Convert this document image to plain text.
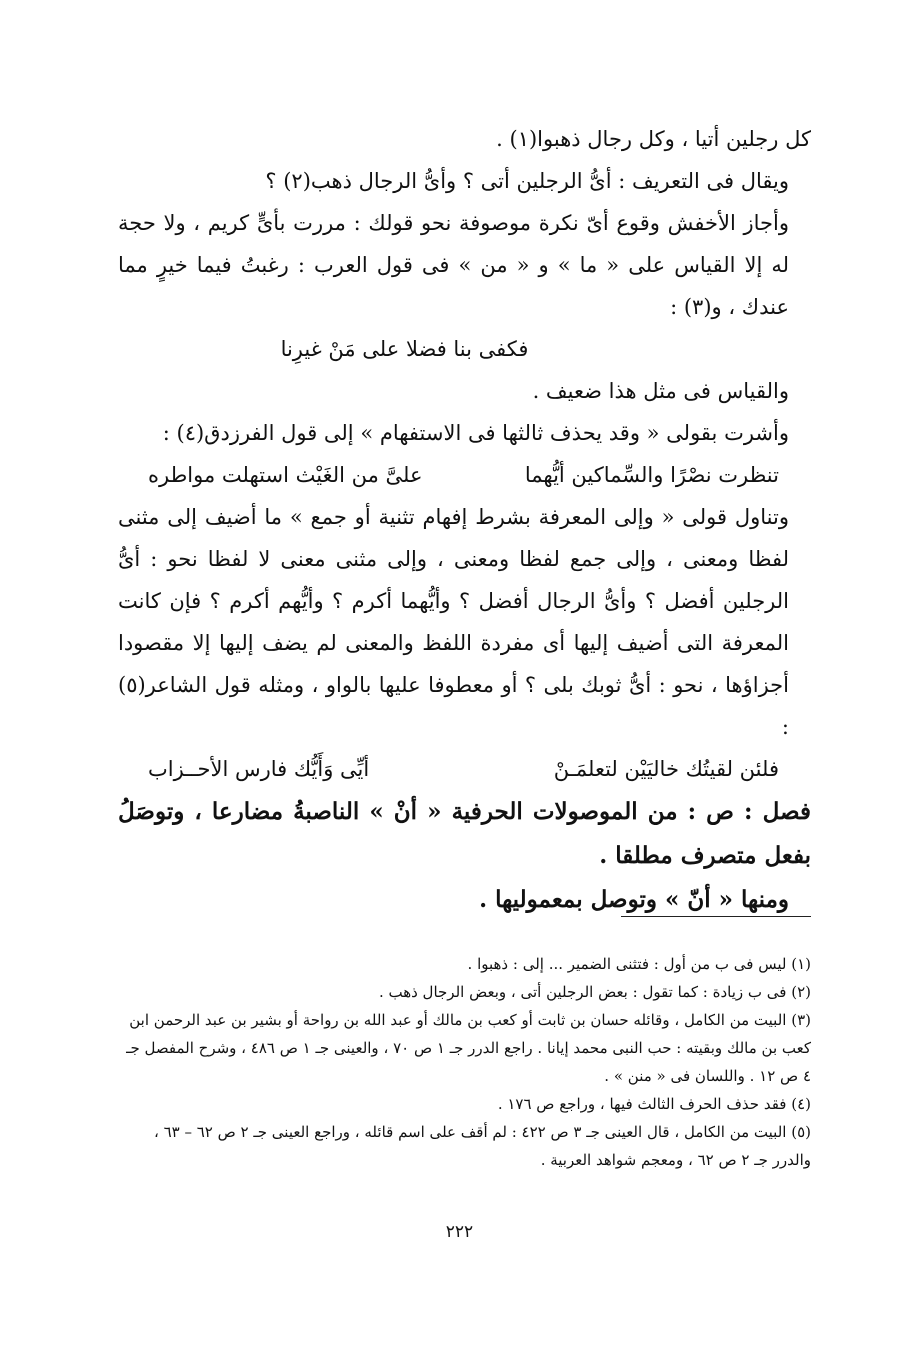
كل رجلين أتيا ، وكل رجال ذهبوا(١) .

ويقال فى التعريف : أىُّ الرجلين أتى ؟ وأىُّ الرجال ذهب(٢) ؟

وأجاز الأخفش وقوع أىّ نكرة موصوفة نحو قولك : مررت بأىٍّ كريم ، ولا حجة له إلا القياس على « ما » و « من » فى قول العرب : رغبتُ فيما خيرٍ مما عندك ، و(٣) :

فكفى بنا فضلا على مَنْ غيرِنا

والقياس فى مثل هذا ضعيف .

وأشرت بقولى « وقد يحذف ثالثها فى الاستفهام » إلى قول الفرزدق(٤) :

تنظرت نصْرًا والسِّماكين أيُّهما
علىَّ من الغَيْث استهلت مواطره

وتناول قولى « وإلى المعرفة بشرط إفهام تثنية أو جمع » ما أضيف إلى مثنى لفظا ومعنى ، وإلى جمع لفظا ومعنى ، وإلى مثنى معنى لا لفظا نحو : أىُّ الرجلين أفضل ؟ وأىُّ الرجال أفضل ؟ وأيُّهما أكرم ؟ وأيُّهم أكرم ؟ فإن كانت المعرفة التى أضيف إليها أى مفردة اللفظ والمعنى لم يضف إليها إلا مقصودا أجزاؤها ، نحو : أىُّ ثوبك بلى ؟ أو معطوفا عليها بالواو ، ومثله قول الشاعر(٥) :

فلئن لقيتُك خاليَيْن لتعلمَـنْ
أيِّى وَأَيُّك فارس الأحــزاب

فصل : ص : من الموصولات الحرفية « أنْ » الناصبةُ مضارعا ، وتوصَلُ بفعل متصرف مطلقا .

ومنها « أنّ » وتوصل بمعموليها .

(١) ليس فى ب من أول : فتثنى الضمير ... إلى : ذهبوا .

(٢) فى ب زيادة : كما تقول : بعض الرجلين أتى ، وبعض الرجال ذهب .

(٣) البيت من الكامل ، وقائله حسان بن ثابت أو كعب بن مالك أو عبد الله بن رواحة أو بشير بن عبد الرحمن ابن كعب بن مالك وبقيته : حب النبى محمد إيانا . راجع الدرر جـ ١ ص ٧٠ ، والعينى جـ ١ ص ٤٨٦ ، وشرح المفصل جـ ٤ ص ١٢ . واللسان فى « منن » .

(٤) فقد حذف الحرف الثالث فيها ، وراجع ص ١٧٦ .

(٥) البيت من الكامل ، قال العينى جـ ٣ ص ٤٢٢ : لم أقف على اسم قائله ، وراجع العينى جـ ٢ ص ٦٢ – ٦٣ ، والدرر جـ ٢ ص ٦٢ ، ومعجم شواهد العربية .

٢٢٢
